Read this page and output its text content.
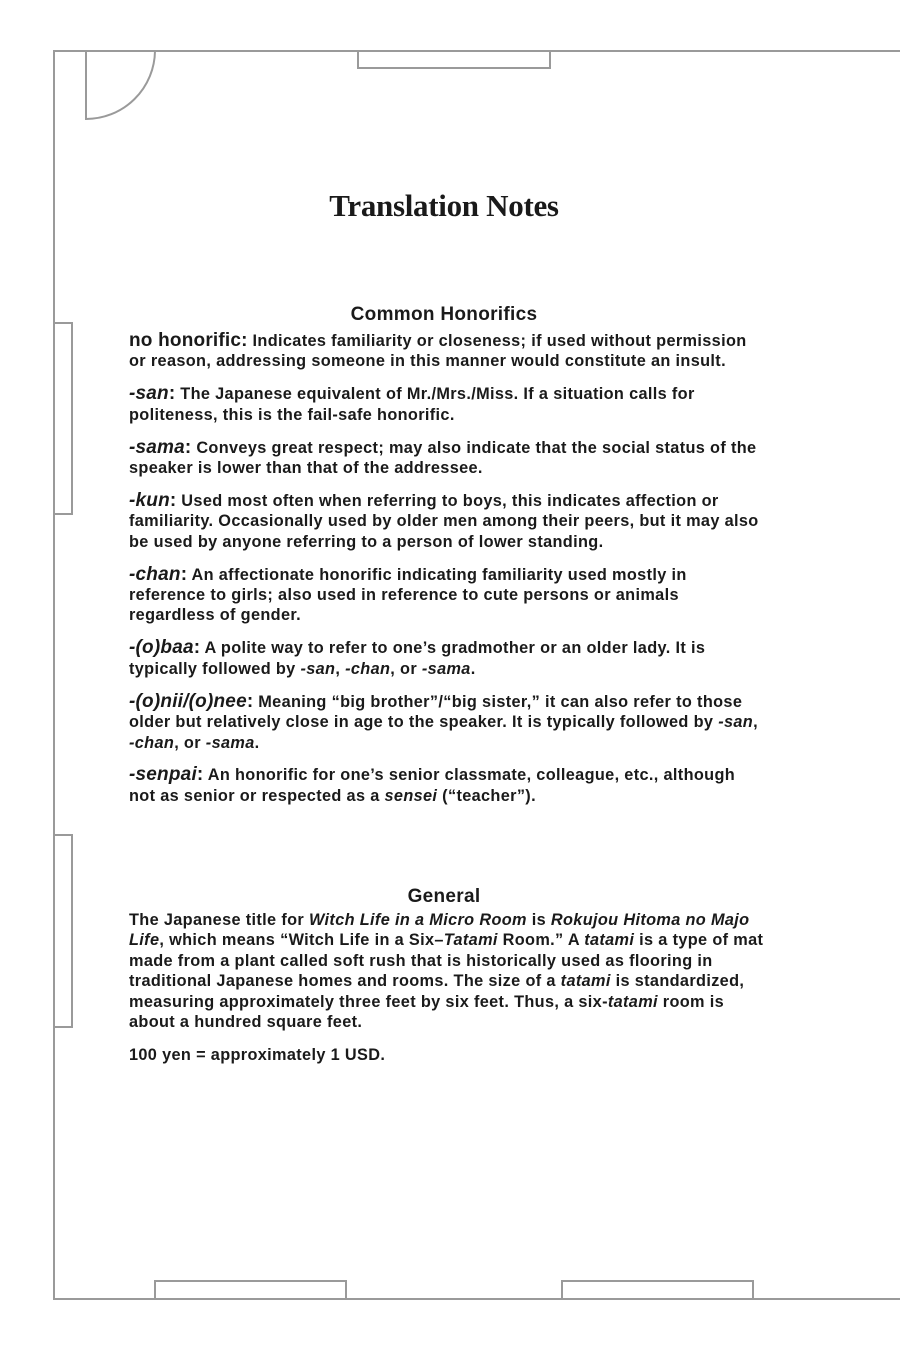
Translation Notes
Common Honorifics

no honorific: Indicates familiarity or closeness; if used without permission or reason, addressing someone in this manner would constitute an insult.

-san: The Japanese equivalent of Mr./Mrs./Miss. If a situation calls for politeness, this is the fail-safe honorific.

-sama: Conveys great respect; may also indicate that the social status of the speaker is lower than that of the addressee.

-kun: Used most often when referring to boys, this indicates affection or familiarity. Occasionally used by older men among their peers, but it may also be used by anyone referring to a person of lower standing.

-chan: An affectionate honorific indicating familiarity used mostly in reference to girls; also used in reference to cute persons or animals regardless of gender.

-(o)baa: A polite way to refer to one’s gradmother or an older lady. It is typically followed by -san, -chan, or -sama.

-(o)nii/(o)nee: Meaning “big brother”/“big sister,” it can also refer to those older but relatively close in age to the speaker. It is typically followed by -san, -chan, or -sama.

-senpai: An honorific for one’s senior classmate, colleague, etc., although not as senior or respected as a sensei (“teacher”).

General

The Japanese title for Witch Life in a Micro Room is Rokujou Hitoma no Majo Life, which means “Witch Life in a Six–Tatami Room.” A tatami is a type of mat made from a plant called soft rush that is historically used as flooring in traditional Japanese homes and rooms. The size of a tatami is standardized, measuring approximately three feet by six feet. Thus, a six-tatami room is about a hundred square feet.

100 yen = approximately 1 USD.
